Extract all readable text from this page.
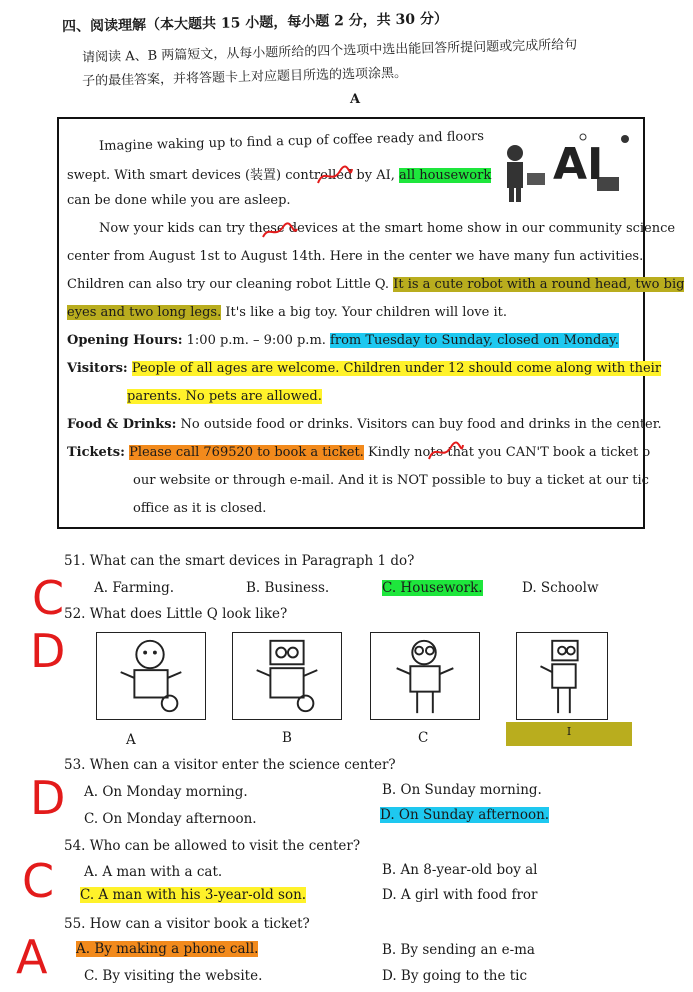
四、阅读理解（本大题共 15 小题，每小题 2 分，共 30 分）
请阅读 A、B 两篇短文，从每小题所给的四个选项中选出能回答所提问题或完成所给句
子的最佳答案，并将答题卡上对应题目所选的选项涂黑。
A
AI
Imagine waking up to find a cup of coffee ready and floors
swept. With smart devices (装置) controlled by AI, all housework
can be done while you are asleep.
Now your kids can try these devices at the smart home show in our community science
center from August 1st to August 14th. Here in the center we have many fun activities.
Children can also try our cleaning robot Little Q. It is a cute robot with a round head, two big
eyes and two long legs. It's like a big toy. Your children will love it.
Opening Hours: 1:00 p.m. – 9:00 p.m. from Tuesday to Sunday, closed on Monday.
Visitors: People of all ages are welcome. Children under 12 should come along with their
parents. No pets are allowed.
Food & Drinks: No outside food or drinks. Visitors can buy food and drinks in the center.
Tickets: Please call 769520 to book a ticket. Kindly note that you CAN'T book a ticket o
our website or through e-mail. And it is NOT possible to buy a ticket at our tic
office as it is closed.
51. What can the smart devices in Paragraph 1 do?
C A. Farming.	B. Business.	C. Housework.	D. Schoolw
52. What does Little Q look like?
D
A	B	C	I
53. When can a visitor enter the science center?
D A. On Monday morning.	B. On Sunday morning.
C. On Monday afternoon.	D. On Sunday afternoon.
54. Who can be allowed to visit the center?
C A. A man with a cat.	B. An 8-year-old boy al
C. A man with his 3-year-old son.	D. A girl with food fror
55. How can a visitor book a ticket?
A A. By making a phone call.	B. By sending an e-ma
C. By visiting the website.	D. By going to the tic
